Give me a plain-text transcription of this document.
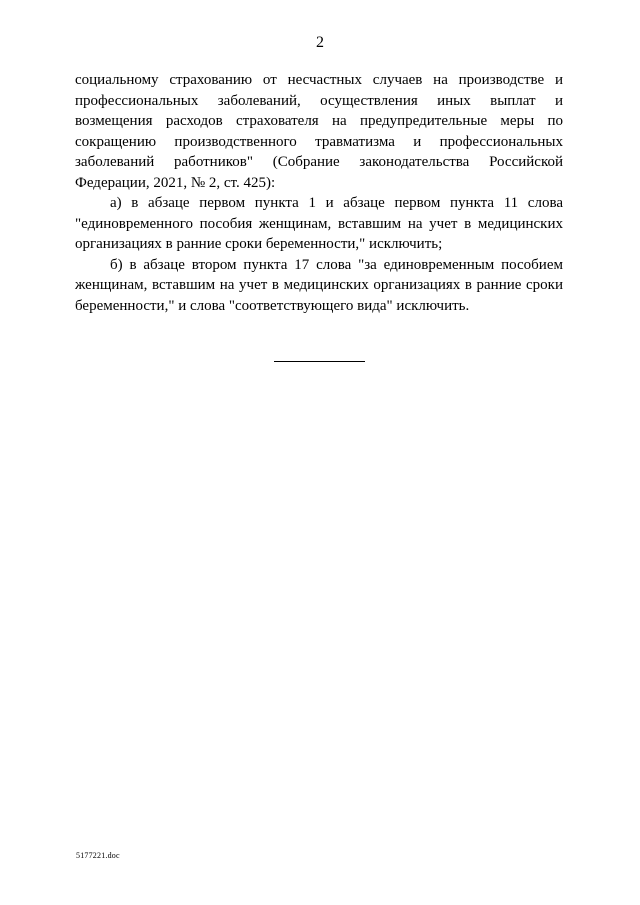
2

социальному страхованию от несчастных случаев на производстве и профессиональных заболеваний, осуществления иных выплат и возмещения расходов страхователя на предупредительные меры по сокращению производственного травматизма и профессиональных заболеваний работников" (Собрание законодательства Российской Федерации, 2021, № 2, ст. 425):

а) в абзаце первом пункта 1 и абзаце первом пункта 11 слова "единовременного пособия женщинам, вставшим на учет в медицинских организациях в ранние сроки беременности," исключить;

б) в абзаце втором пункта 17 слова "за единовременным пособием женщинам, вставшим на учет в медицинских организациях в ранние сроки беременности," и слова "соответствующего вида" исключить.

5177221.doc
